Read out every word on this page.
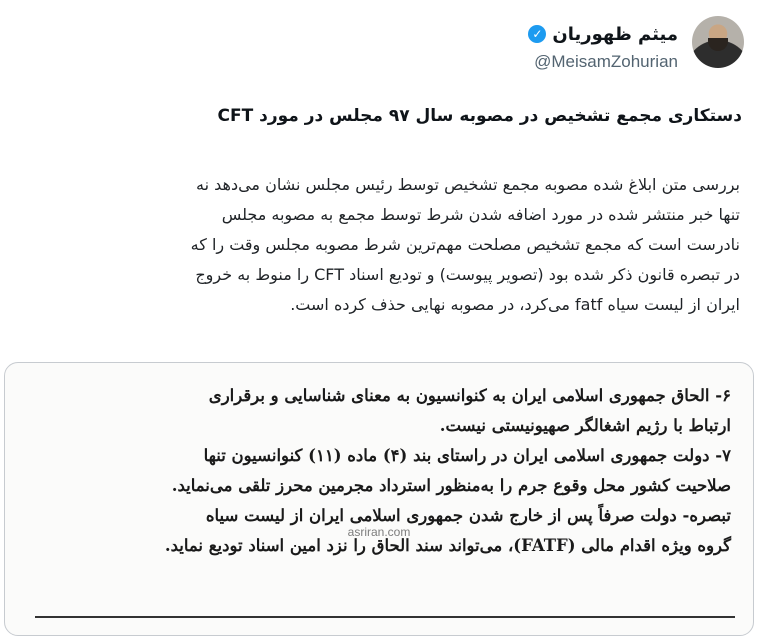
میثم ظهوریان
✓
@MeisamZohurian
دستکاری مجمع تشخیص در مصوبه سال ۹۷ مجلس در مورد CFT
بررسی متن ابلاغ شده مصوبه مجمع تشخیص توسط رئیس مجلس نشان می‌دهد نه
تنها خبر منتشر شده در مورد اضافه شدن شرط توسط مجمع به مصوبه مجلس
نادرست است که مجمع تشخیص مصلحت مهم‌ترین شرط مصوبه مجلس وقت را که
در تبصره قانون ذکر شده بود (تصویر پیوست) و تودیع اسناد CFT را منوط به خروج
ایران از لیست سیاه fatf می‌کرد، در مصوبه نهایی حذف کرده است.
۶- الحاق جمهوری اسلامی ایران به کنوانسیون به معنای شناسایی و برقراری
ارتباط با رژیم اشغالگر صهیونیستی نیست.
۷- دولت جمهوری اسلامی ایران در راستای بند (۴) ماده (۱۱) کنوانسیون تنها
صلاحیت کشور محل وقوع جرم را به‌منظور استرداد مجرمین محرز تلقی می‌نماید.
تبصره- دولت صرفاً پس از خارج شدن جمهوری اسلامی ایران از لیست سیاه
گروه ویژه اقدام مالی (FATF)، می‌تواند سند الحاق را نزد امین اسناد تودیع نماید.
asriran.com
